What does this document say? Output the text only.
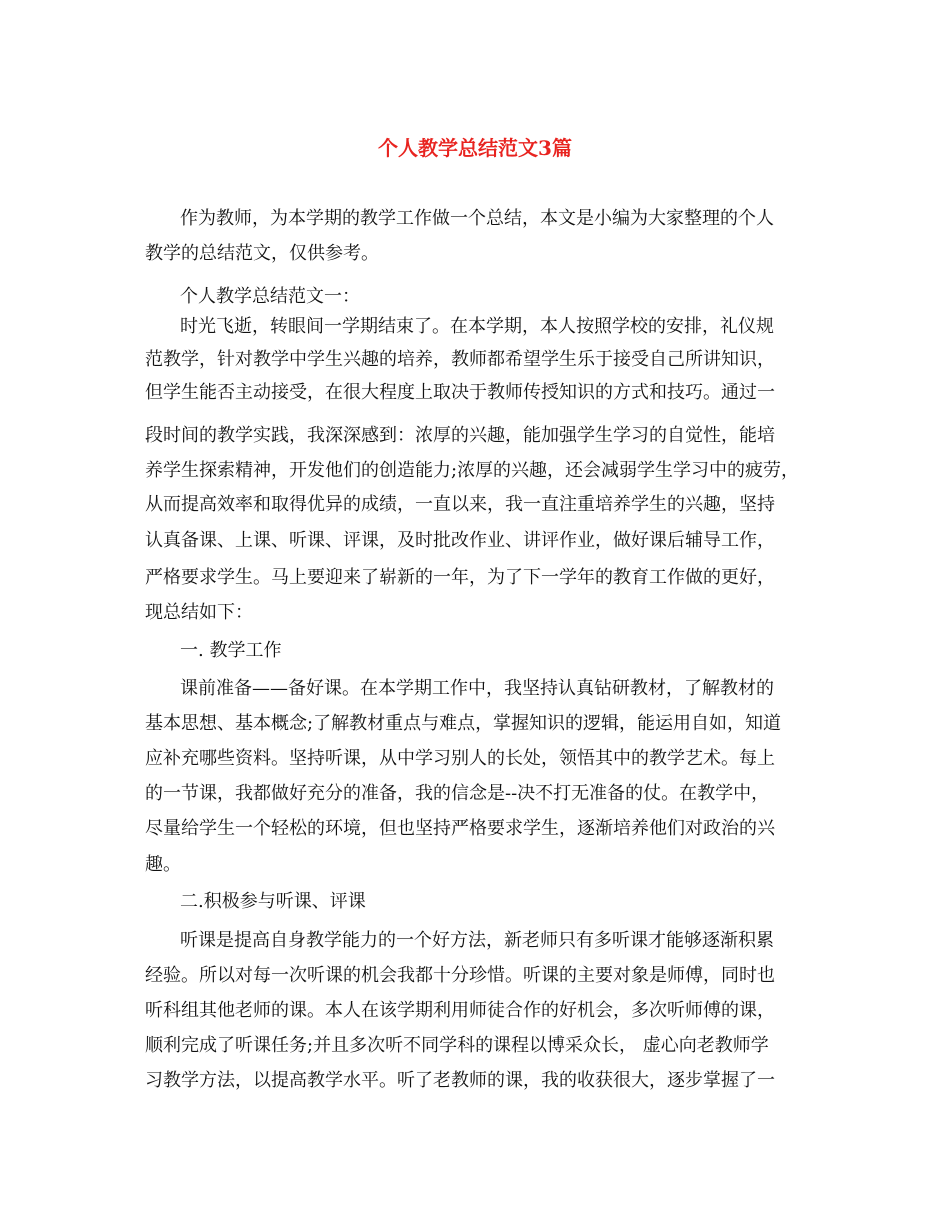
个人教学总结范文3篇

作为教师，为本学期的教学工作做一个总结，本文是小编为大家整理的个人

教学的总结范文，仅供参考。

个人教学总结范文一：

时光飞逝，转眼间一学期结束了。在本学期，本人按照学校的安排，礼仪规

范教学，针对教学中学生兴趣的培养，教师都希望学生乐于接受自己所讲知识，

但学生能否主动接受，在很大程度上取决于教师传授知识的方式和技巧。通过一

段时间的教学实践，我深深感到：浓厚的兴趣，能加强学生学习的自觉性，能培

养学生探索精神，开发他们的创造能力;浓厚的兴趣，还会减弱学生学习中的疲劳，

从而提高效率和取得优异的成绩，一直以来，我一直注重培养学生的兴趣，坚持

认真备课、上课、听课、评课，及时批改作业、讲评作业，做好课后辅导工作，

严格要求学生。马上要迎来了崭新的一年，为了下一学年的教育工作做的更好，

现总结如下：

一. 教学工作

课前准备——备好课。在本学期工作中，我坚持认真钻研教材，了解教材的

基本思想、基本概念;了解教材重点与难点，掌握知识的逻辑，能运用自如，知道

应补充哪些资料。坚持听课，从中学习别人的长处，领悟其中的教学艺术。每上

的一节课，我都做好充分的准备，我的信念是--决不打无准备的仗。在教学中，

尽量给学生一个轻松的环境，但也坚持严格要求学生，逐渐培养他们对政治的兴

趣。

二.积极参与听课、评课

听课是提高自身教学能力的一个好方法，新老师只有多听课才能够逐渐积累

经验。所以对每一次听课的机会我都十分珍惜。听课的主要对象是师傅，同时也

听科组其他老师的课。本人在该学期利用师徒合作的好机会，多次听师傅的课，

顺利完成了听课任务;并且多次听不同学科的课程以博采众长， 虚心向老教师学

习教学方法，以提高教学水平。听了老教师的课，我的收获很大，逐步掌握了一
